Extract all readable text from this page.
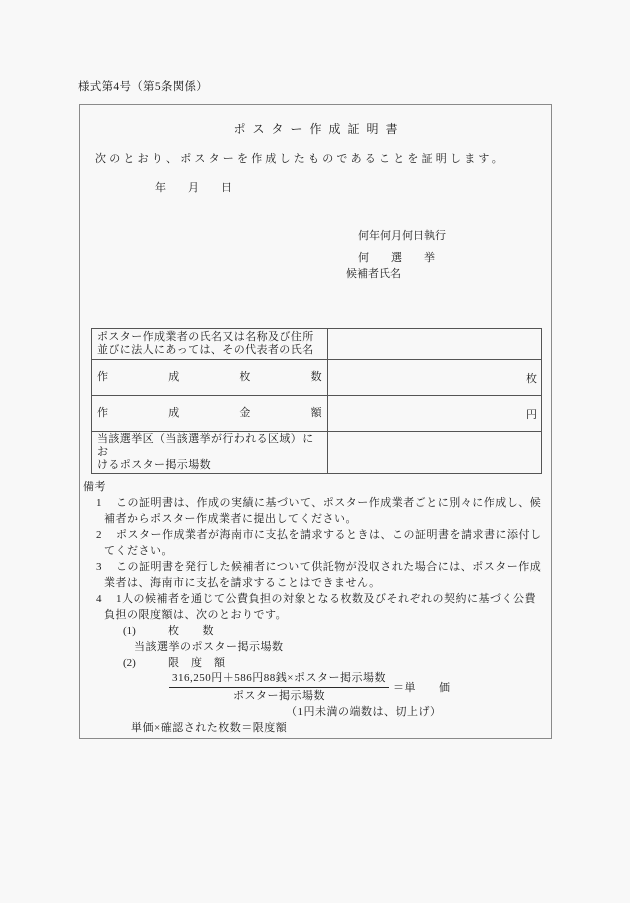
様式第4号（第5条関係）
ポスター作成証明書
次のとおり、ポスターを作成したものであることを証明します。
年　　月　　日
何年何月何日執行
何　　選　　挙
候補者氏名
ポスター作成業者の氏名又は名称及び住所
並びに法人にあっては、その代表者の氏名	

作成枚数	枚

作成金額	円

当該選挙区（当該選挙が行われる区域）にお
けるポスター掲示場数	

備考
1 この証明書は、作成の実績に基づいて、ポスター作成業者ごとに別々に作成し、候
補者からポスター作成業者に提出してください。
2 ポスター作成業者が海南市に支払を請求するときは、この証明書を請求書に添付し
てください。
3 この証明書を発行した候補者について供託物が没収された場合には、ポスター作成
業者は、海南市に支払を請求することはできません。
4 1人の候補者を通じて公費負担の対象となる枚数及びそれぞれの契約に基づく公費
負担の限度額は、次のとおりです。
(1)	枚　　数
当該選挙のポスター掲示場数
(2)	限　度　額
$\frac{\text{316,250円＋586円88銭×ポスター掲示場数}}{\text{ポスター掲示場数}}$ ＝単　　価
（1円未満の端数は、切上げ）
単価×確認された枚数＝限度額
